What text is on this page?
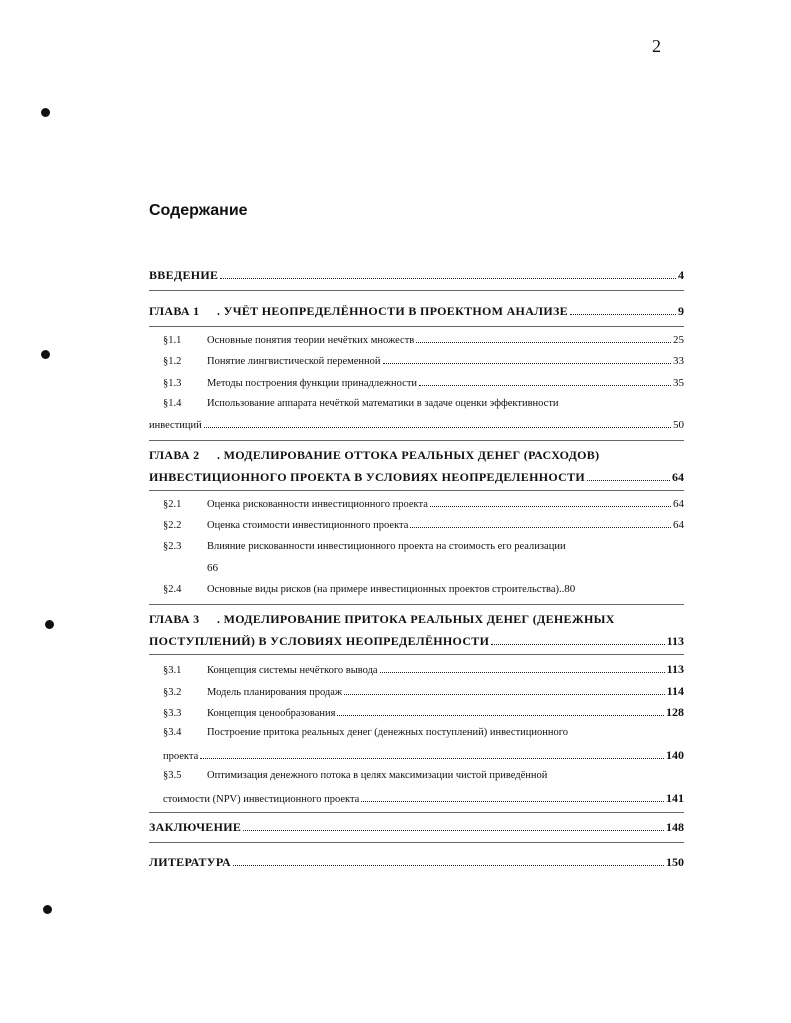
2
Содержание
ВВЕДЕНИЕ	4
ГЛАВА 1	. УЧЁТ НЕОПРЕДЕЛЁННОСТИ В ПРОЕКТНОМ АНАЛИЗЕ	9
§1.1	Основные понятия теории нечётких множеств	25
§1.2	Понятие лингвистической переменной	33
§1.3	Методы построения функции принадлежности	35
§1.4	Использование аппарата нечёткой математики в задаче оценки эффективности
инвестиций	50
ГЛАВА 2	. МОДЕЛИРОВАНИЕ ОТТОКА РЕАЛЬНЫХ ДЕНЕГ (РАСХОДОВ)
ИНВЕСТИЦИОННОГО ПРОЕКТА В УСЛОВИЯХ НЕОПРЕДЕЛЕННОСТИ	64
§2.1	Оценка рискованности инвестиционного проекта	64
§2.2	Оценка стоимости инвестиционного проекта	64
§2.3	Влияние рискованности инвестиционного проекта на стоимость его реализации
66
§2.4	Основные виды рисков (на примере инвестиционных проектов строительства).. 80
ГЛАВА 3	. МОДЕЛИРОВАНИЕ ПРИТОКА РЕАЛЬНЫХ ДЕНЕГ (ДЕНЕЖНЫХ
ПОСТУПЛЕНИЙ) В УСЛОВИЯХ НЕОПРЕДЕЛЁННОСТИ	113
§3.1	Концепция системы нечёткого вывода	113
§3.2	Модель планирования продаж	114
§3.3	Концепция ценообразования	128
§3.4	Построение притока реальных денег (денежных поступлений) инвестиционного
проекта	140
§3.5	Оптимизация денежного потока в целях максимизации чистой приведённой
стоимости (NPV) инвестиционного проекта	141
ЗАКЛЮЧЕНИЕ	148
ЛИТЕРАТУРА	150
